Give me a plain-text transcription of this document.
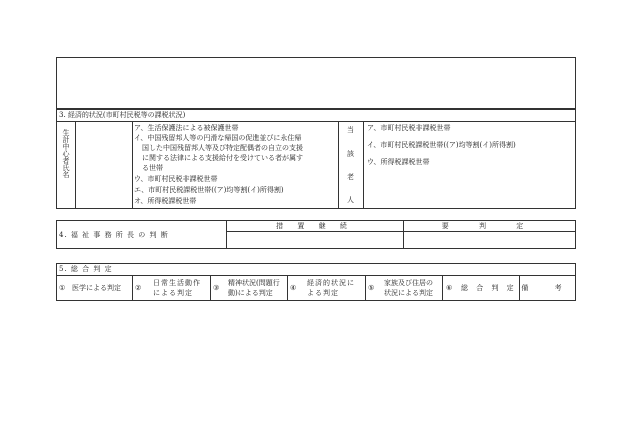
3. 経済的状況(市町村民税等の課税状況)
生計中心者氏名
ア、生活保護法による被保護世帯
イ、中国残留邦人等の円滑な帰国の促進並びに永住帰
国した中国残留邦人等及び特定配偶者の自立の支援
に関する法律による支援給付を受けている者が属す
る世帯
ウ、市町村民税非課税世帯
エ、市町村民税課税世帯((ア)均等割(イ)所得割)
オ、所得税課税世帯
当
該
老
人
ア、市町村民税非課税世帯
イ、市町村民税課税世帯((ア)均等割(イ)所得割)
ウ、所得税課税世帯
4. 福 祉 事 務 所 長 の 判 断
措 置 継 続	要 判 定
5. 総 合 判 定
① 医学による判定 ②
日常生活動作
による判定
③
精神状況(問題行
動)による判定
④
経済的状況に
よる判定
⑤
家族及び住居の
状況による判定
⑥ 総 合 判 定 備 考
